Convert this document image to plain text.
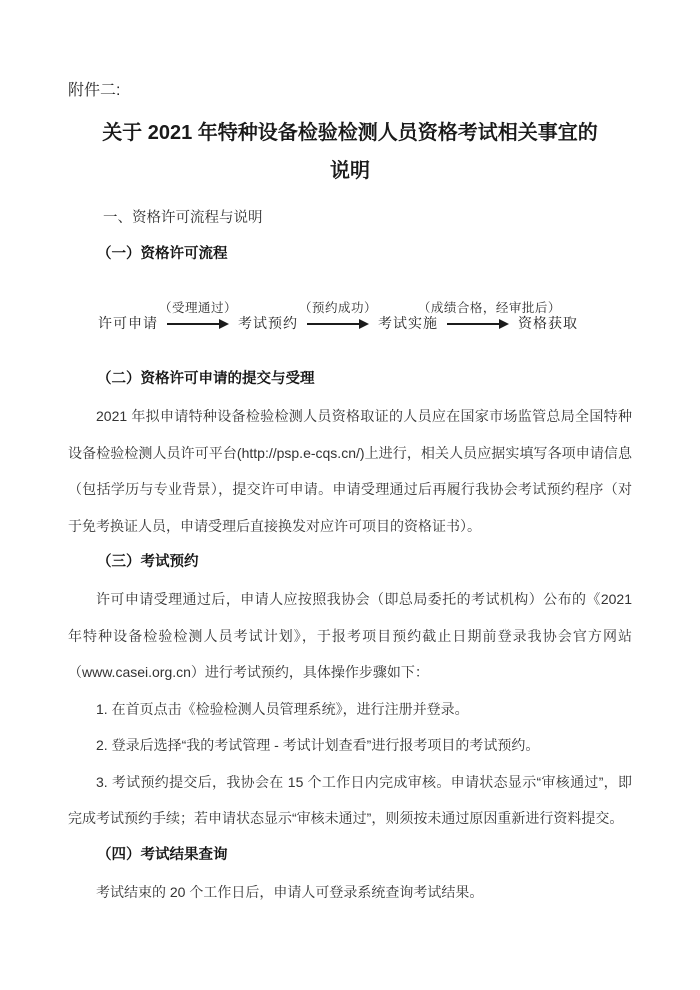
附件二:
关于 2021 年特种设备检验检测人员资格考试相关事宜的
说明
一、资格许可流程与说明
（一）资格许可流程
许可申请
（受理通过）
考试预约
（预约成功）
考试实施
（成绩合格，经审批后）
资格获取
（二）资格许可申请的提交与受理

2021 年拟申请特种设备检验检测人员资格取证的人员应在国家市场监管总局全国特种设备检验检测人员许可平台(http://psp.e-cqs.cn/)上进行，相关人员应据实填写各项申请信息（包括学历与专业背景），提交许可申请。申请受理通过后再履行我协会考试预约程序（对于免考换证人员，申请受理后直接换发对应许可项目的资格证书）。

（三）考试预约

许可申请受理通过后，申请人应按照我协会（即总局委托的考试机构）公布的《2021 年特种设备检验检测人员考试计划》，于报考项目预约截止日期前登录我协会官方网站（www.casei.org.cn）进行考试预约，具体操作步骤如下：

1. 在首页点击《检验检测人员管理系统》，进行注册并登录。

2. 登录后选择“我的考试管理 - 考试计划查看”进行报考项目的考试预约。

3. 考试预约提交后，我协会在 15 个工作日内完成审核。申请状态显示“审核通过”，即完成考试预约手续；若申请状态显示“审核未通过”，则须按未通过原因重新进行资料提交。

（四）考试结果查询

考试结束的 20 个工作日后，申请人可登录系统查询考试结果。
